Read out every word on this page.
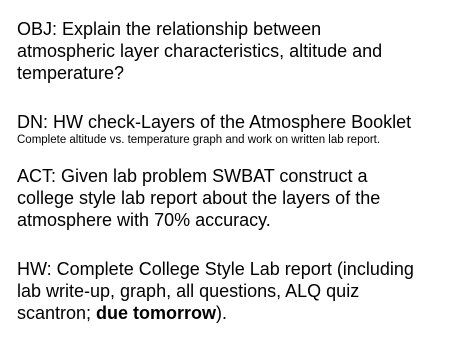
OBJ: Explain the relationship between
atmospheric layer characteristics, altitude and
temperature?
DN: HW check-Layers of the Atmosphere Booklet
Complete altitude vs. temperature graph and work on written lab report.
ACT: Given lab problem SWBAT construct a
college style lab report about the layers of the
atmosphere with 70% accuracy.
HW: Complete College Style Lab report (including
lab write-up, graph, all questions, ALQ quiz
scantron; due tomorrow).
